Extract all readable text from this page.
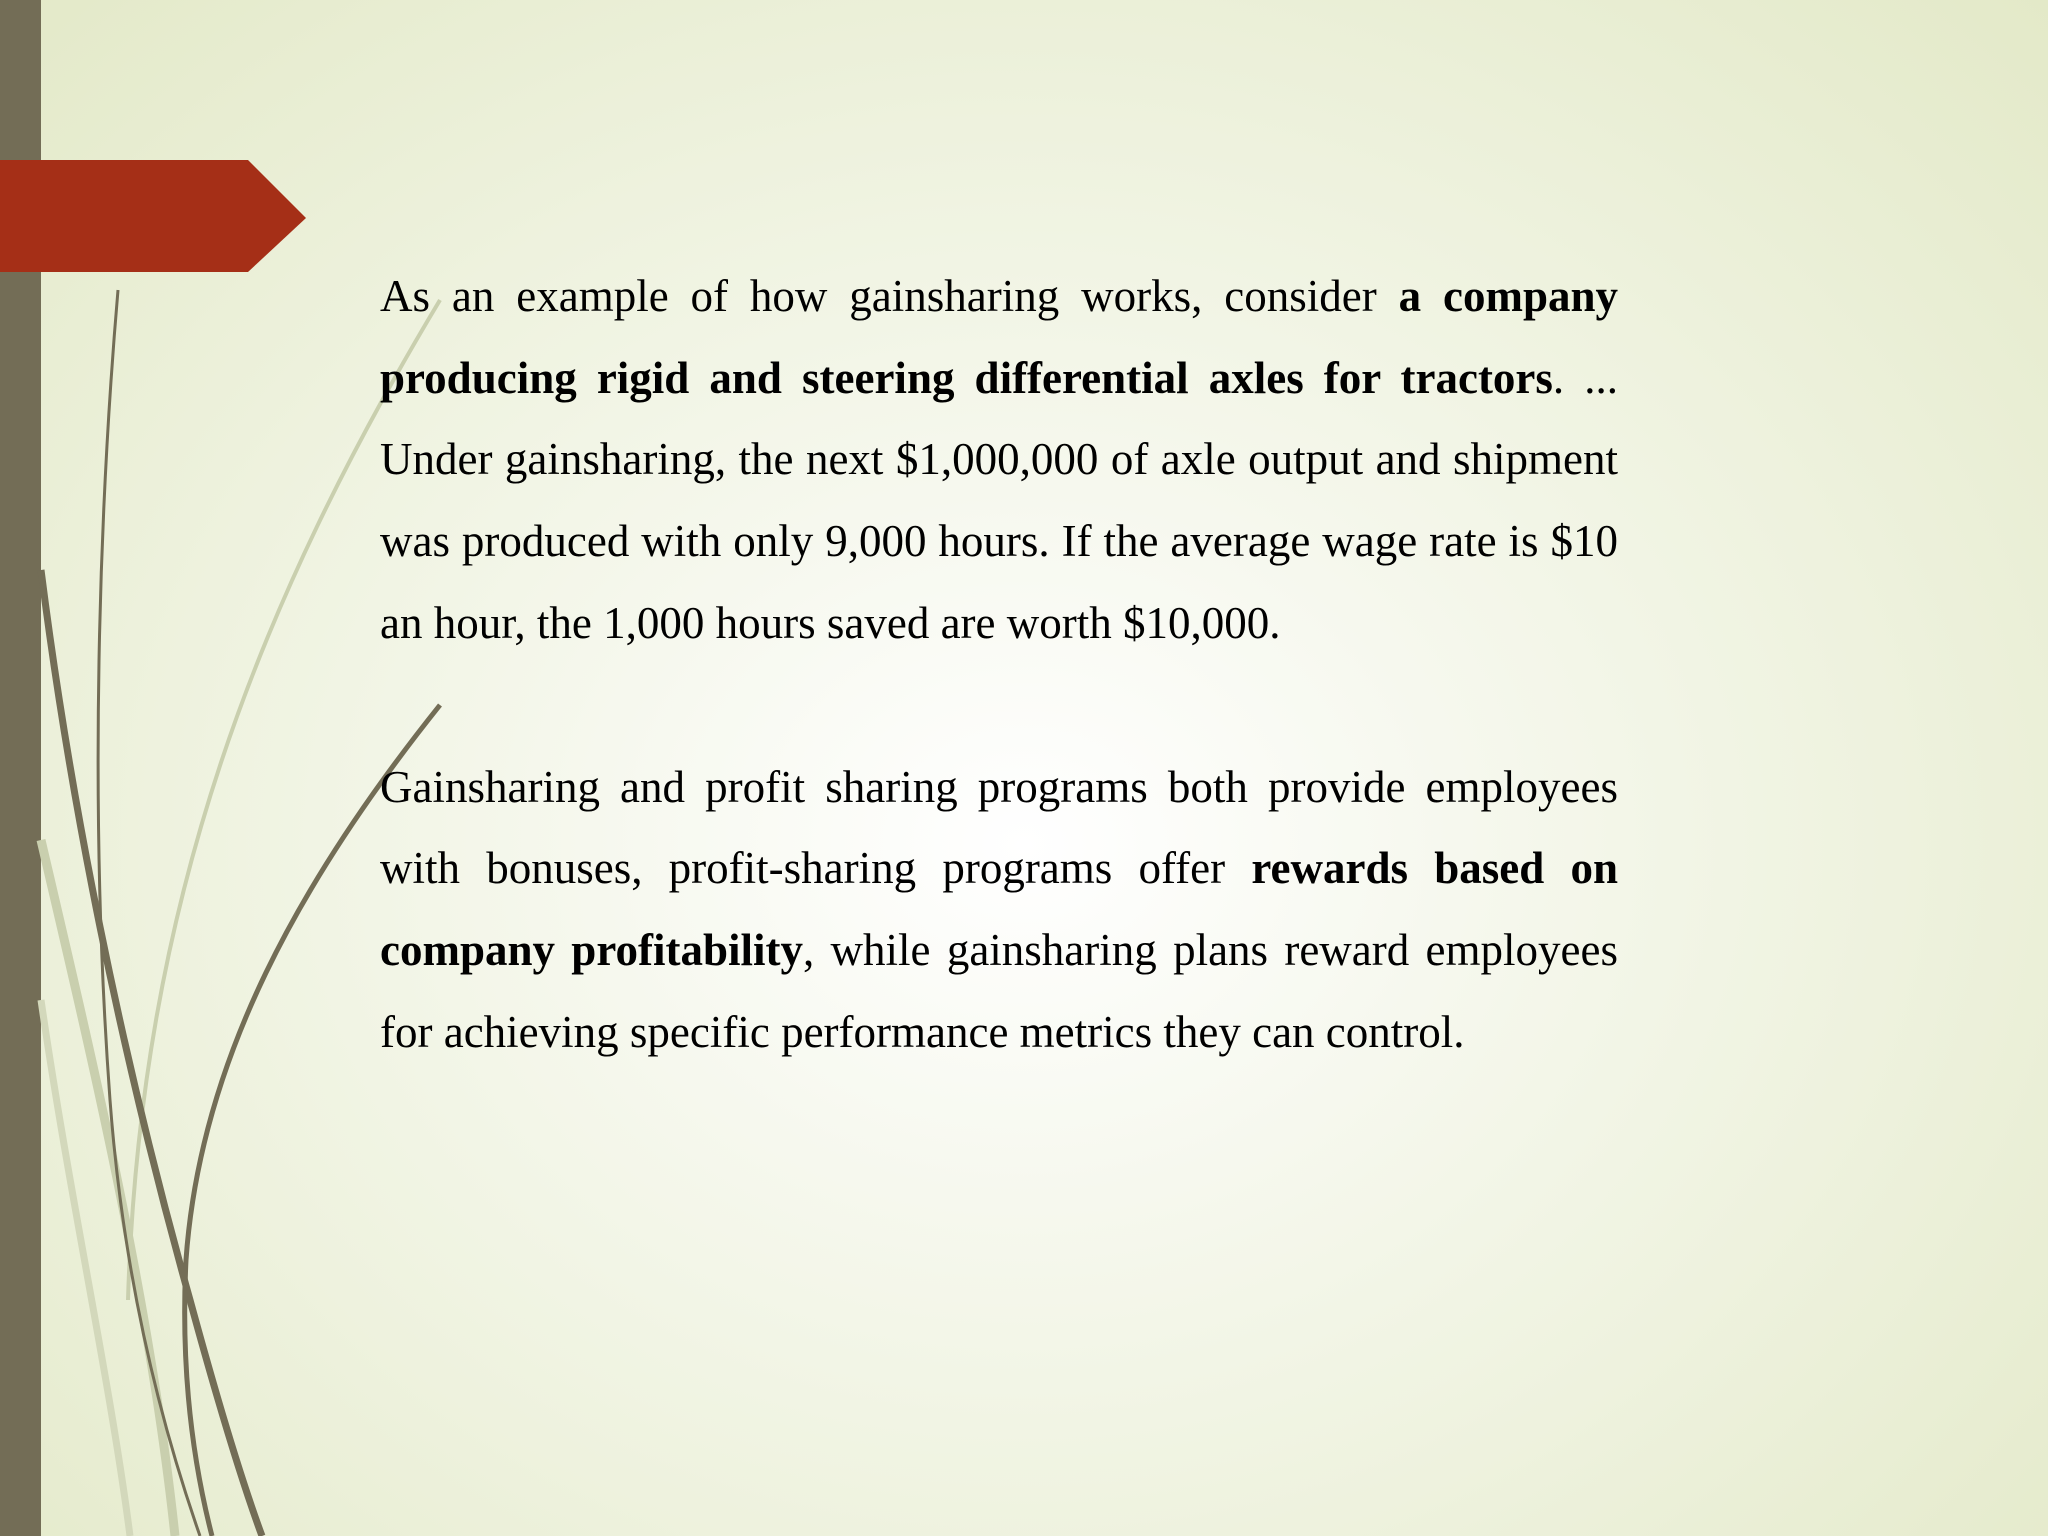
As an example of how gainsharing works, consider a company producing rigid and steering differential axles for tractors. ... Under gainsharing, the next $1,000,000 of axle output and shipment was produced with only 9,000 hours. If the average wage rate is $10 an hour, the 1,000 hours saved are worth $10,000.

Gainsharing and profit sharing programs both provide employees with bonuses, profit-sharing programs offer rewards based on company profitability, while gainsharing plans reward employees for achieving specific performance metrics they can control.
